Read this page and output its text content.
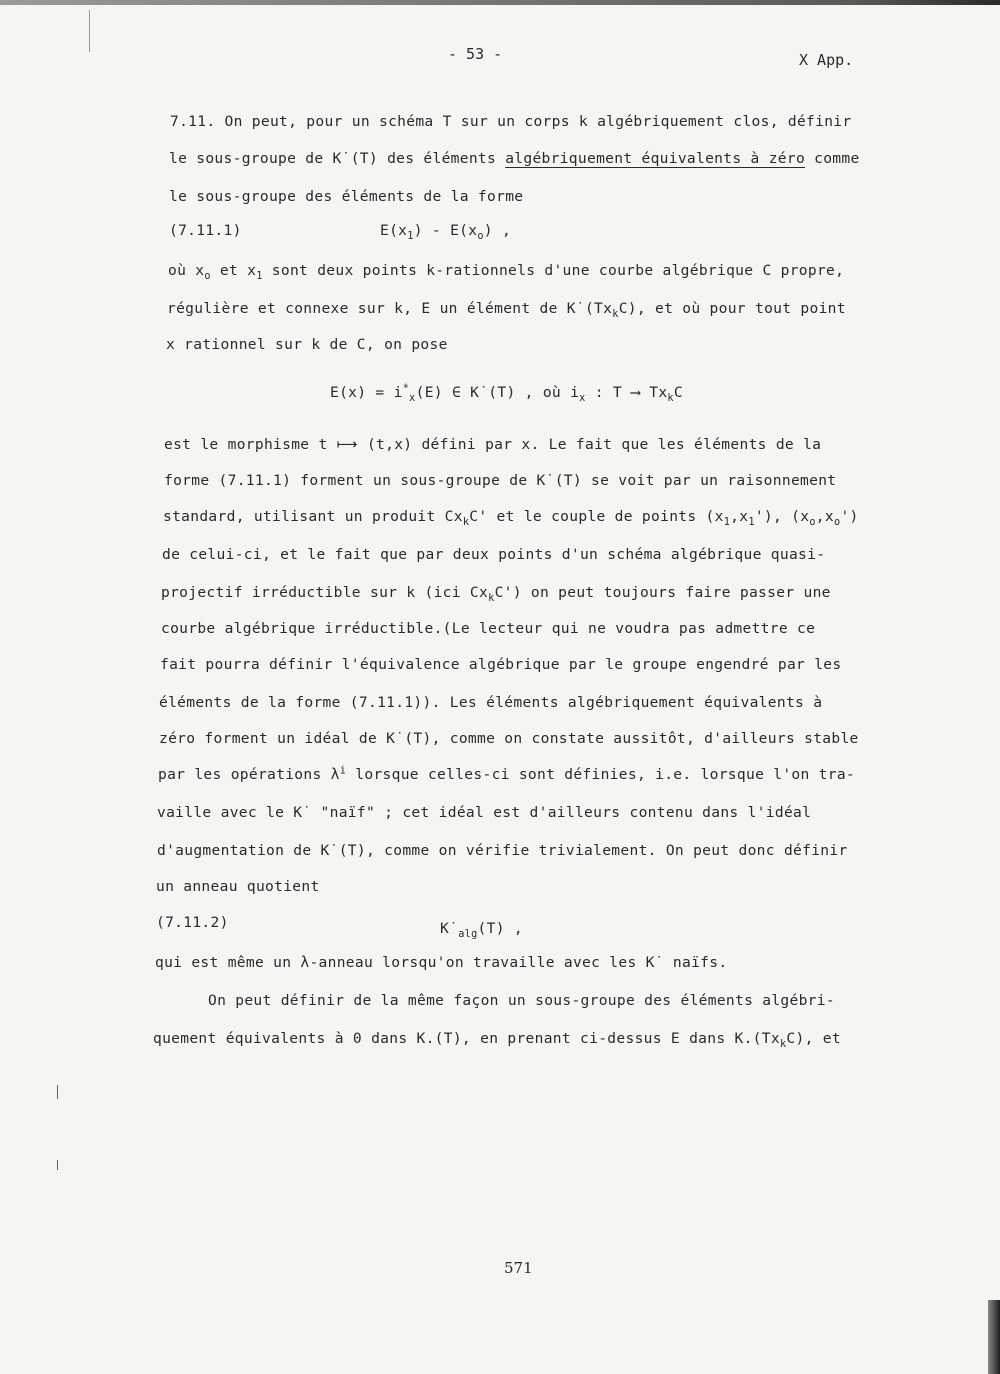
- 53 -	X App.
7.11. On peut, pour un schéma T sur un corps k algébriquement clos, définir
le sous-groupe de K˙(T) des éléments algébriquement équivalents à zéro comme
le sous-groupe des éléments de la forme
(7.11.1)	$E(x_1) - E(x_o)$ ,
où $x_o$ et $x_1$ sont deux points k-rationnels d'une courbe algébrique C propre,
régulière et connexe sur k, E un élément de $K˙(Tx_kC)$, et où pour tout point
x rationnel sur k de C, on pose
$E(x) = i^*_x(E)$ ∈ K˙(T) , où $i_x$ : T ⟶ $Tx_kC$
est le morphisme t ⟼ (t,x) défini par x. Le fait que les éléments de la
forme (7.11.1) forment un sous-groupe de K˙(T) se voit par un raisonnement
standard, utilisant un produit $Cx_kC'$ et le couple de points $(x_1,x_1')$, $(x_o,x_o')$
de celui-ci, et le fait que par deux points d'un schéma algébrique quasi-
projectif irréductible sur k (ici $Cx_kC'$) on peut toujours faire passer une
courbe algébrique irréductible.(Le lecteur qui ne voudra pas admettre ce
fait pourra définir l'équivalence algébrique par le groupe engendré par les
éléments de la forme (7.11.1)). Les éléments algébriquement équivalents à
zéro forment un idéal de K˙(T), comme on constate aussitôt, d'ailleurs stable
par les opérations $\lambda^i$ lorsque celles-ci sont définies, i.e. lorsque l'on tra-
vaille avec le K˙ "naïf" ; cet idéal est d'ailleurs contenu dans l'idéal
d'augmentation de K˙(T), comme on vérifie trivialement. On peut donc définir
un anneau quotient
(7.11.2)	$K˙_{alg}(T)$ ,
qui est même un λ-anneau lorsqu'on travaille avec les K˙ naïfs.
On peut définir de la même façon un sous-groupe des éléments algébri-
quement équivalents à 0 dans K.(T), en prenant ci-dessus E dans $K.(Tx_kC)$, et
571
